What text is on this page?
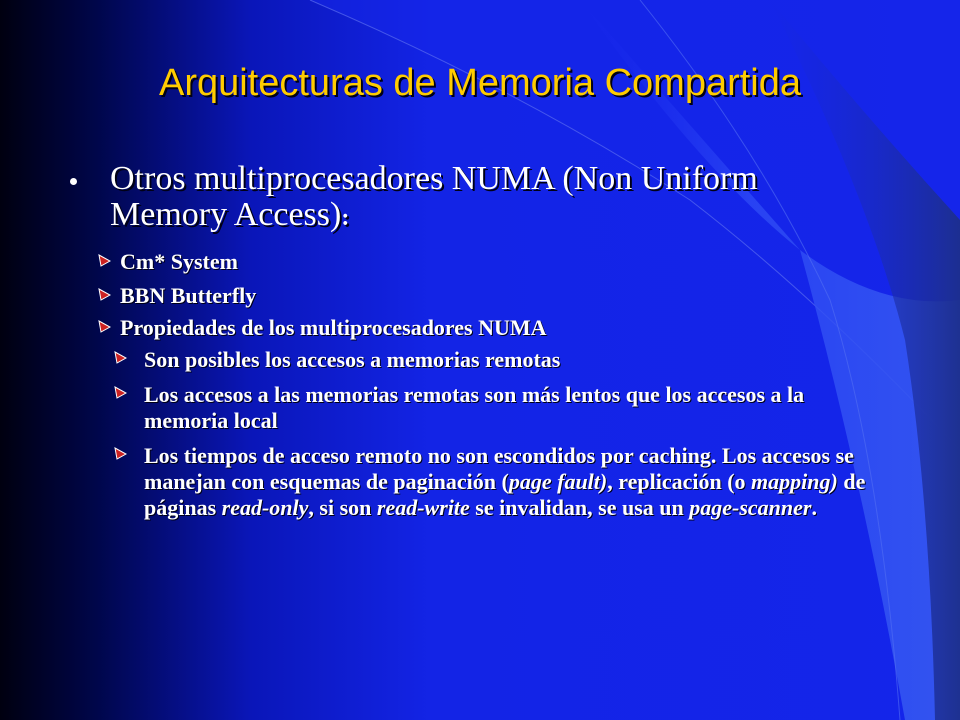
Arquitecturas de Memoria Compartida
Otros multiprocesadores NUMA (Non Uniform Memory Access):
Cm* System
BBN Butterfly
Propiedades de los multiprocesadores NUMA
Son posibles los accesos a memorias remotas
Los accesos a las memorias remotas son más lentos que los accesos a la memoria local
Los tiempos de acceso remoto no son escondidos por caching. Los accesos se manejan con esquemas de paginación (page fault), replicación (o mapping) de páginas read-only, si son read-write se invalidan, se usa un page-scanner.
